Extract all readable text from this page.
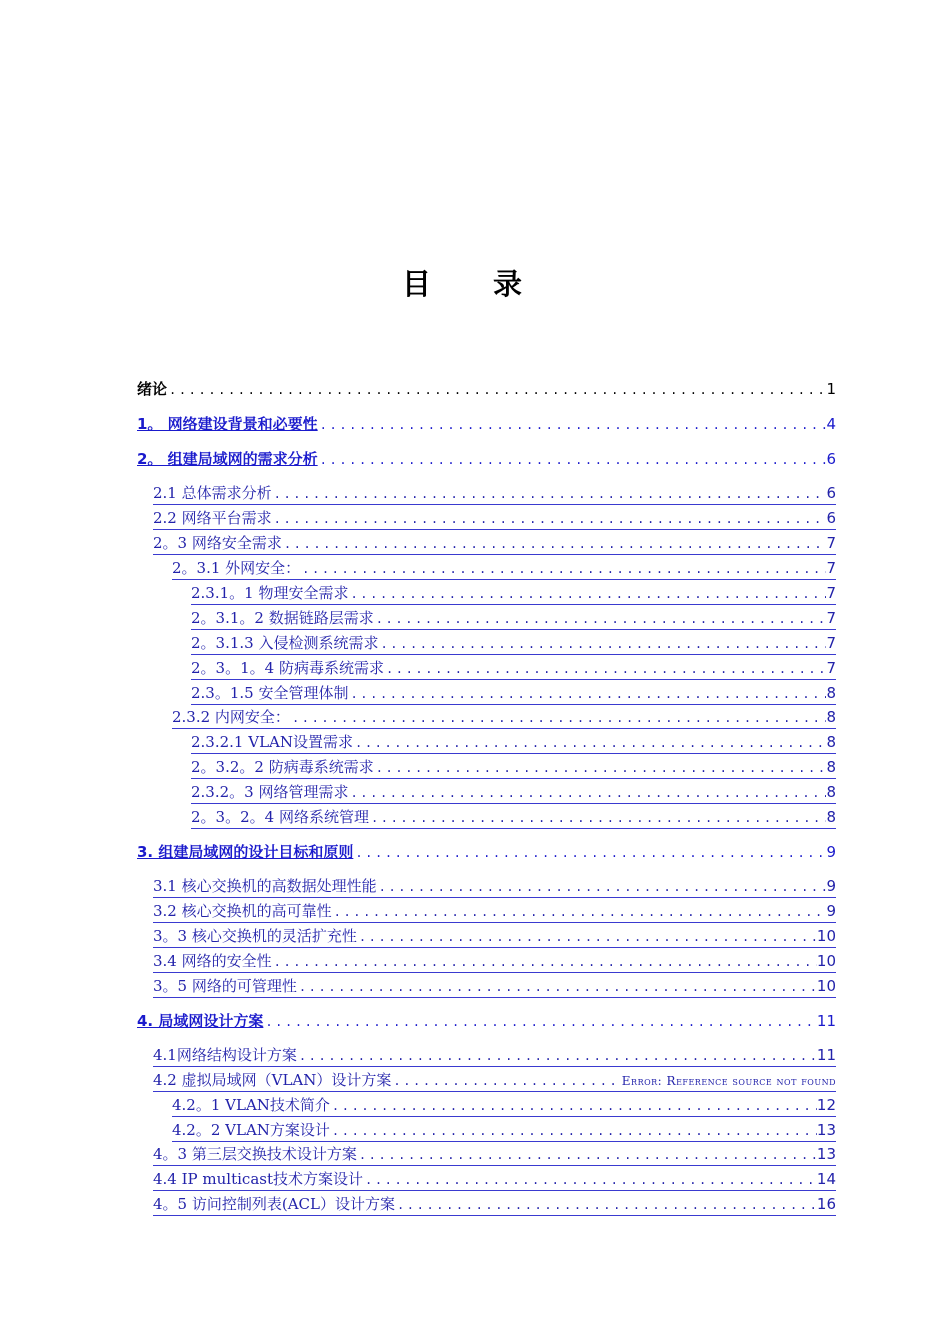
目 录
绪论 .....	1
1。 网络建设背景和必要性 .....	4
2。 组建局域网的需求分析 .....	6
2.1 总体需求分析 .....	6
2.2 网络平台需求 .....	6
2。3 网络安全需求 .....	7
2。3.1 外网安全： .....	7
2.3.1。1 物理安全需求 .....	7
2。3.1。2 数据链路层需求 .....	7
2。3.1.3 入侵检测系统需求 .....	7
2。3。1。4 防病毒系统需求 .....	7
2.3。1.5 安全管理体制 .....	8
2.3.2 内网安全： .....	8
2.3.2.1 VLAN设置需求 .....	8
2。3.2。2 防病毒系统需求 .....	8
2.3.2。3 网络管理需求 .....	8
2。3。2。4 网络系统管理 .....	8
3. 组建局域网的设计目标和原则 .....	9
3.1 核心交换机的高数据处理性能 .....	9
3.2 核心交换机的高可靠性 .....	9
3。3 核心交换机的灵活扩充性 .....	10
3.4 网络的安全性 .....	10
3。5 网络的可管理性 .....	10
4. 局域网设计方案 .....	11
4.1网络结构设计方案 .....	11
4.2 虚拟局域网（VLAN）设计方案 .....	Error: Reference source not found
4.2。1 VLAN技术简介 .....	12
4.2。2 VLAN方案设计 .....	13
4。3 第三层交换技术设计方案 .....	13
4.4 IP multicast技术方案设计 .....	14
4。5 访问控制列表(ACL）设计方案 .....	16
